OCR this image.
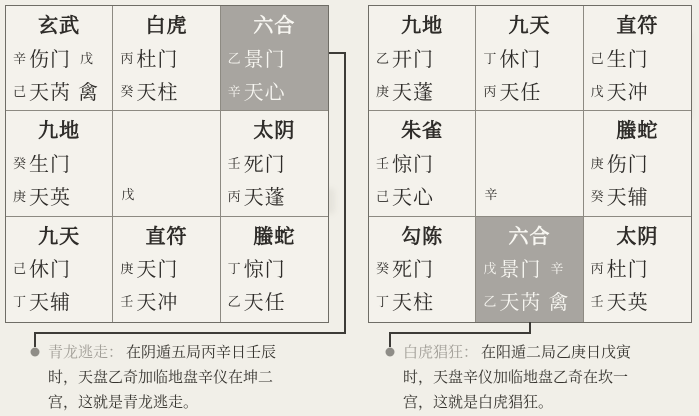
玄武
辛 伤门 戊
己 天芮 禽
白虎
丙 杜门
癸 天柱
六合
乙 景门
辛 天心
九地
癸 生门
庚 天英	戊
太阴
壬 死门
丙 天蓬
九天
己 休门
丁 天辅
直符
庚 天门
壬 天冲
螣蛇
丁 惊门
乙 天任
九地
乙 开门
庚 天蓬
九天
丁 休门
丙 天任
直符
己 生门
戊 天冲
朱雀
壬 惊门
己 天心	辛
螣蛇
庚 伤门
癸 天辅
勾陈
癸 死门
丁 天柱
六合
戊 景门 辛
乙 天芮 禽
太阴
丙 杜门
壬 天英

青龙逃走： 在阴遁五局丙辛日壬辰

时，天盘乙奇加临地盘辛仪在坤二

宫，这就是青龙逃走。

白虎猖狂： 在阳遁二局乙庚日戊寅

时，天盘辛仪加临地盘乙奇在坎一

宫，这就是白虎猖狂。
